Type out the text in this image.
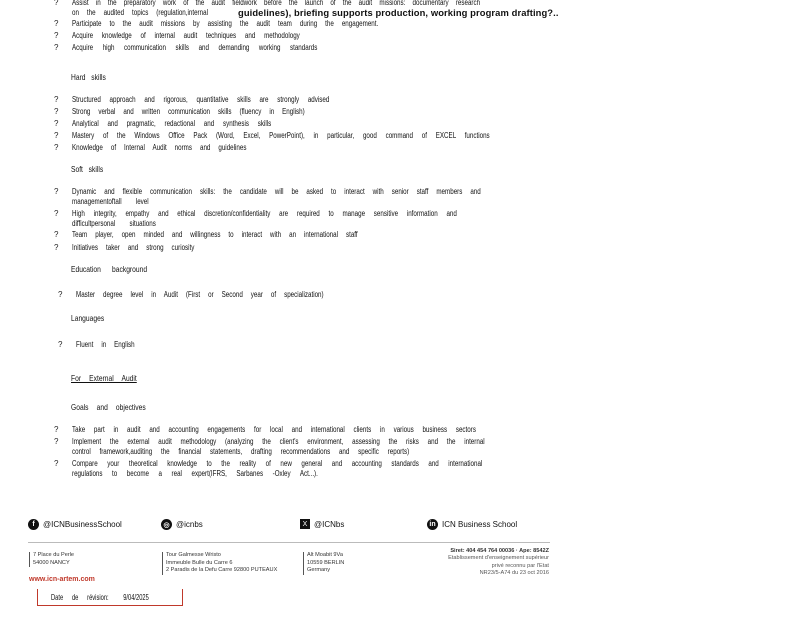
? Assist in the preparatory work of the audit fieldwork before the launch of the audit missions: documentary research
on the audited topics (regulation,internal	guidelines), briefing supports production, working program drafting?..
? Participate to the audit missions by assisting the audit team during the engagement.
? Acquire knowledge of internal audit techniques and methodology
? Acquire high communication skills and demanding working standards
Hard skills
? Structured approach and rigorous, quantitative skills are strongly advised
? Strong verbal and written communication skills (fluency in English)
? Analytical and pragmatic, redactional and synthesis skills
? Mastery of the Windows Office Pack (Word, Excel, PowerPoint), in particular, good command of EXCEL functions
? Knowledge of Internal Audit norms and guidelines
Soft skills
? Dynamic and flexible communication skills: the candidate will be asked to interact with senior staff members and
managementoftall level
? High integrity, empathy and ethical discretion/confidentiality are required to manage sensitive information and
difficultpersonal situations
? Team player, open minded and willingness to interact with an international staff
? Initiatives taker and strong curiosity
Education background
? Master degree level in Audit (First or Second year of specialization)
Languages
? Fluent in English
For External Audit
Goals and objectives
? Take part in audit and accounting engagements for local and international clients in various business sectors
? Implement the external audit methodology (analyzing the client's environment, assessing the risks and the internal
control framework,auditing the financial statements, drafting recommendations and specific reports)
? Compare your theoretical knowledge to the reality of new general and accounting standards and international
regulations to become a real expert(IFRS, Sarbanes -Oxley Act...).
f	@ICNBusinessSchool	◎ @icnbs	X @ICNbs	in ICN Business School
7 Place du Perle
54000 NANCY
Tour Galmesse Wristo
Immeuble Bulle du Carre 6
2 Paradis de la Defu Carre 92800 PUTEAUX
Alt Moabit 9Va
10559 BERLIN
Germany
Siret: 404 454 764 00036 · Ape: 8542Z
Etablissement d'enseignement supérieur
privé reconnu par l'Etat
NR23/5-A74 du 23 oct 2016
www.icn-artem.com
Date de révision: 9/04/2025
